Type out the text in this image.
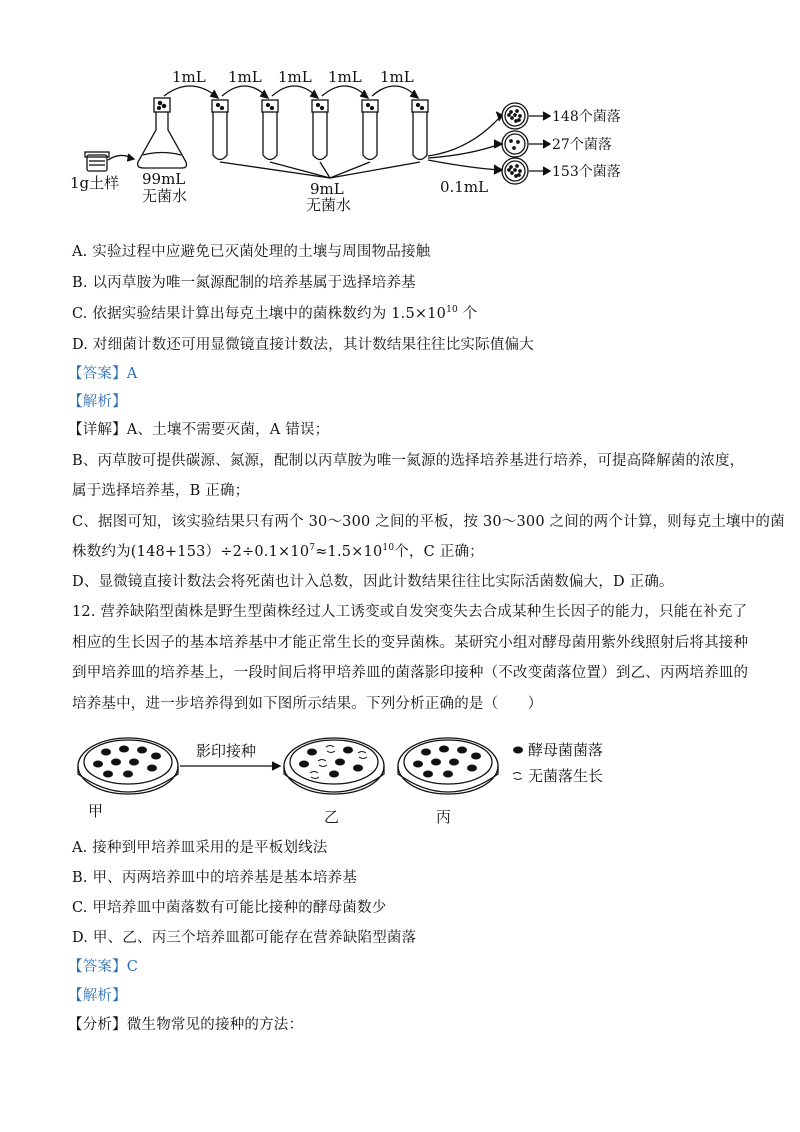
1mL 1mL 1mL 1mL 1mL
1g土样 99mL
无菌水	9mL
无菌水
0.1mL
148个菌落
27个菌落
153个菌落
A. 实验过程中应避免已灭菌处理的土壤与周围物品接触
B. 以丙草胺为唯一氮源配制的培养基属于选择培养基
C. 依据实验结果计算出每克土壤中的菌株数约为 $1.5\times 10^{10}$ 个
D. 对细菌计数还可用显微镜直接计数法，其计数结果往往比实际值偏大
【答案】A
【解析】
【详解】A、土壤不需要灭菌，A 错误；
B、丙草胺可提供碳源、氮源，配制以丙草胺为唯一氮源的选择培养基进行培养，可提高降解菌的浓度，
属于选择培养基，B 正确；
C、据图可知，该实验结果只有两个 30～300 之间的平板，按 30～300 之间的两个计算，则每克土壤中的菌
株数约为$(148+153)\div 2\div 0.1\times 10^7\approx 1.5\times 10^{10}$个，C 正确；
D、显微镜直接计数法会将死菌也计入总数，因此计数结果往往比实际活菌数偏大，D 正确。
12. 营养缺陷型菌株是野生型菌株经过人工诱变或自发突变失去合成某种生长因子的能力，只能在补充了
相应的生长因子的基本培养基中才能正常生长的变异菌株。某研究小组对酵母菌用紫外线照射后将其接种
到甲培养皿的培养基上，一段时间后将甲培养皿的菌落影印接种（不改变菌落位置）到乙、丙两培养皿的
培养基中，进一步培养得到如下图所示结果。下列分析正确的是（　　）
影印接种
甲	乙	丙
酵母菌菌落
无菌落生长
A. 接种到甲培养皿采用的是平板划线法
B. 甲、丙两培养皿中的培养基是基本培养基
C. 甲培养皿中菌落数有可能比接种的酵母菌数少
D. 甲、乙、丙三个培养皿都可能存在营养缺陷型菌落
【答案】C
【解析】
【分析】微生物常见的接种的方法：
